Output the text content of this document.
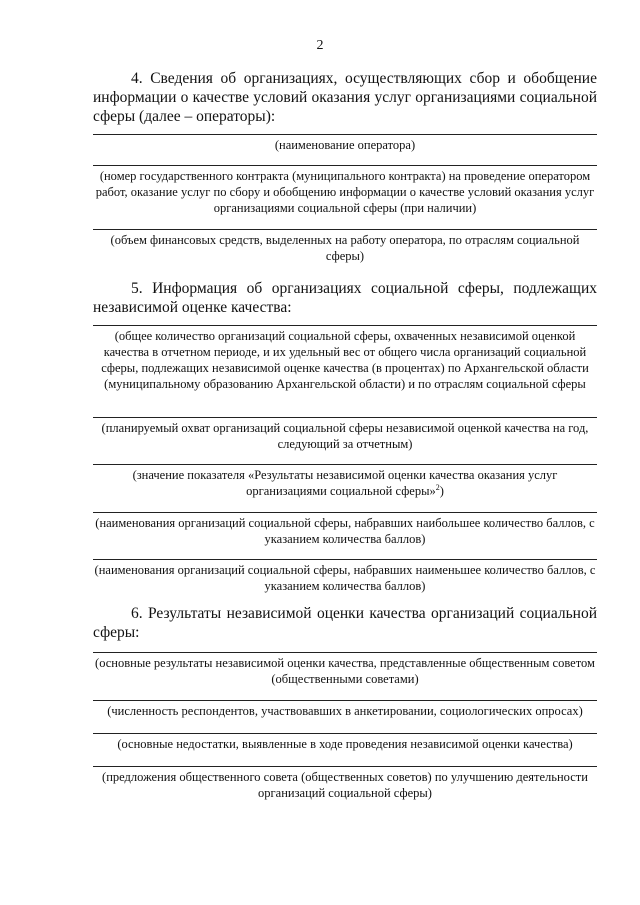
2
4. Сведения об организациях, осуществляющих сбор и обобщение информации о качестве условий оказания услуг организациями социальной сферы (далее – операторы):
(наименование оператора)
(номер государственного контракта (муниципального контракта) на проведение оператором работ, оказание услуг по сбору и обобщению информации о качестве условий оказания услуг организациями социальной сферы (при наличии)
(объем финансовых средств, выделенных на работу оператора, по отраслям социальной сферы)
5. Информация об организациях социальной сферы, подлежащих независимой оценке качества:
(общее количество организаций социальной сферы, охваченных независимой оценкой качества в отчетном периоде, и их удельный вес от общего числа организаций социальной сферы, подлежащих независимой оценке качества (в процентах) по Архангельской области (муниципальному образованию Архангельской области) и по отраслям социальной сферы
(планируемый охват организаций социальной сферы независимой оценкой качества на год, следующий за отчетным)
(значение показателя «Результаты независимой оценки качества оказания услуг организациями социальной сферы»$^2$)
(наименования организаций социальной сферы, набравших наибольшее количество баллов, с указанием количества баллов)
(наименования организаций социальной сферы, набравших наименьшее количество баллов, с указанием количества баллов)
6. Результаты независимой оценки качества организаций социальной сферы:
(основные результаты независимой оценки качества, представленные общественным советом (общественными советами)
(численность респондентов, участвовавших в анкетировании, социологических опросах)
(основные недостатки, выявленные в ходе проведения независимой оценки качества)
(предложения общественного совета (общественных советов) по улучшению деятельности организаций социальной сферы)
